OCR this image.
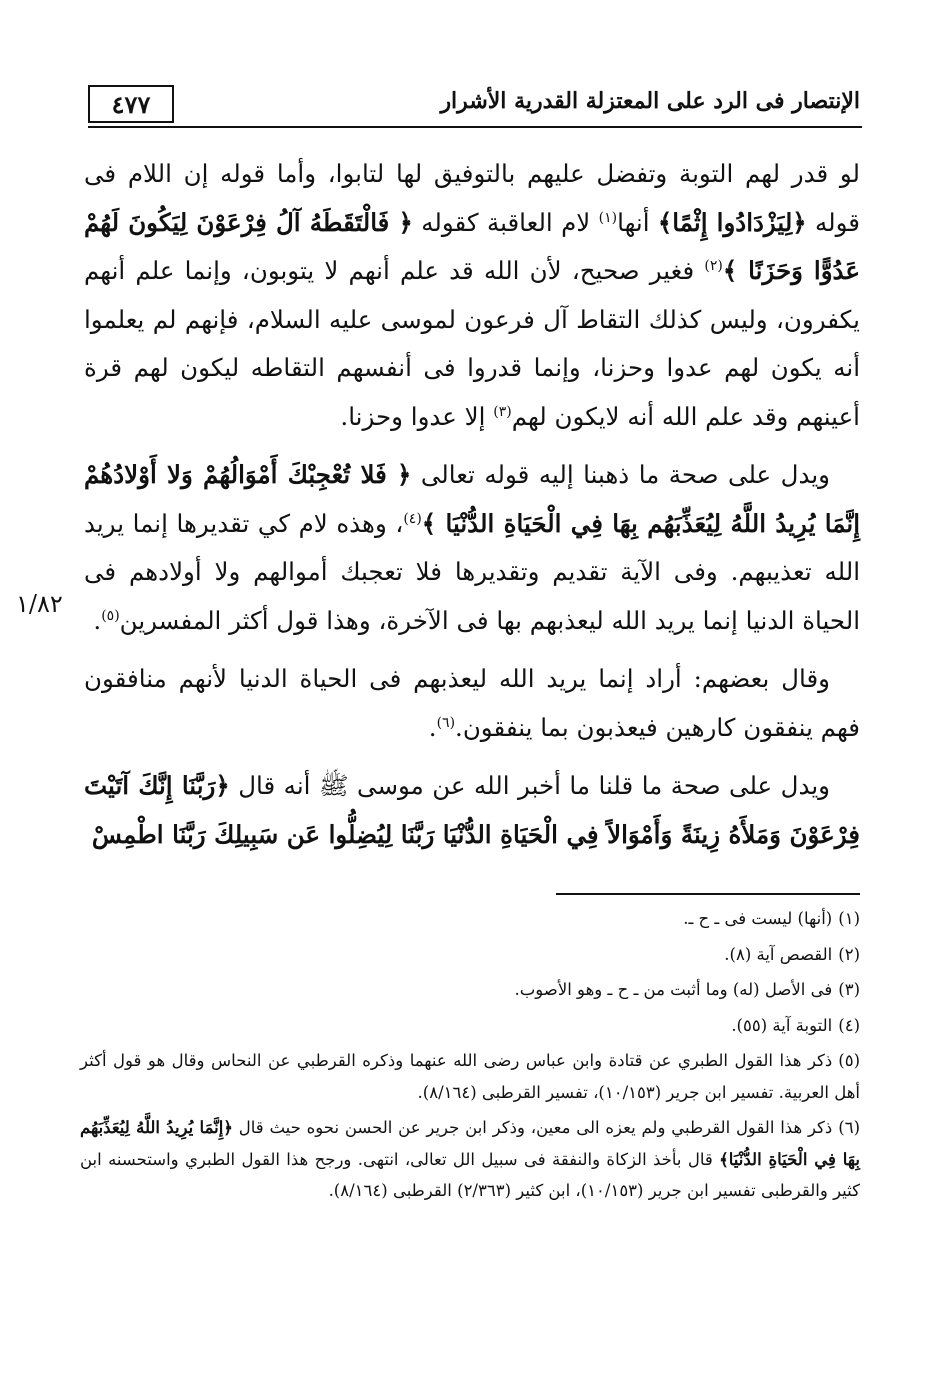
٤٧٧	الإنتصار فى الرد على المعتزلة القدرية الأشرار

لو قدر لهم التوبة وتفضل عليهم بالتوفيق لها لتابوا، وأما قوله إن اللام فى قوله ﴿لِيَزْدَادُوا إِثْمًا﴾ أنها$^{(١)}$ لام العاقبة كقوله ﴿ فَالْتَقَطَهُ آلُ فِرْعَوْنَ لِيَكُونَ لَهُمْ عَدُوًّا وَحَزَنًا ﴾$^{(٢)}$ فغير صحيح، لأن الله قد علم أنهم لا يتوبون، وإنما علم أنهم يكفرون، وليس كذلك التقاط آل فرعون لموسى عليه السلام، فإنهم لم يعلموا أنه يكون لهم عدوا وحزنا، وإنما قدروا فى أنفسهم التقاطه ليكون لهم قرة أعينهم وقد علم الله أنه لايكون لهم$^{(٣)}$ إلا عدوا وحزنا.

ويدل على صحة ما ذهبنا إليه قوله تعالى ﴿ فَلا تُعْجِبْكَ أَمْوَالُهُمْ وَلا أَوْلادُهُمْ إِنَّمَا يُرِيدُ اللَّهُ لِيُعَذِّبَهُم بِهَا فِي الْحَيَاةِ الدُّنْيَا ﴾$^{(٤)}$، وهذه لام كي تقديرها إنما يريد الله تعذيبهم. وفى الآية تقديم وتقديرها فلا تعجبك أموالهم ولا أولادهم فى الحياة الدنيا إنما يريد الله ليعذبهم بها فى الآخرة، وهذا قول أكثر المفسرين$^{(٥)}$.

وقال بعضهم: أراد إنما يريد الله ليعذبهم فى الحياة الدنيا لأنهم منافقون فهم ينفقون كارهين فيعذبون بما ينفقون.$^{(٦)}$.

ويدل على صحة ما قلنا ما أخبر الله عن موسى ﷺ أنه قال ﴿رَبَّنَا إِنَّكَ آتَيْتَ فِرْعَوْنَ وَمَلأَهُ زِينَةً وَأَمْوَالاً فِي الْحَيَاةِ الدُّنْيَا رَبَّنَا لِيُضِلُّوا عَن سَبِيلِكَ رَبَّنَا اطْمِسْ

١/٨٢

(١)(أنها) ليست فى ـ ح ـ.

(٢)القصص آية (٨).

(٣)فى الأصل (له) وما أثبت من ـ ح ـ وهو الأصوب.

(٤)التوبة آية (٥٥).

(٥)ذكر هذا القول الطبري عن قتادة وابن عباس رضى الله عنهما وذكره القرطبي عن النحاس وقال هو قول أكثر أهل العربية. تفسير ابن جرير (١٠/١٥٣)، تفسير القرطبى (٨/١٦٤).

(٦)ذكر هذا القول القرطبي ولم يعزه الى معين، وذكر ابن جرير عن الحسن نحوه حيث قال ﴿إِنَّمَا يُرِيدُ اللَّهُ لِيُعَذِّبَهُم بِهَا فِي الْحَيَاةِ الدُّنْيَا﴾ قال بأخذ الزكاة والنفقة فى سبيل الل تعالى، انتهى. ورجح هذا القول الطبري واستحسنه ابن كثير والقرطبى تفسير ابن جرير (١٠/١٥٣)، ابن كثير (٢/٣٦٣) القرطبى (٨/١٦٤).
